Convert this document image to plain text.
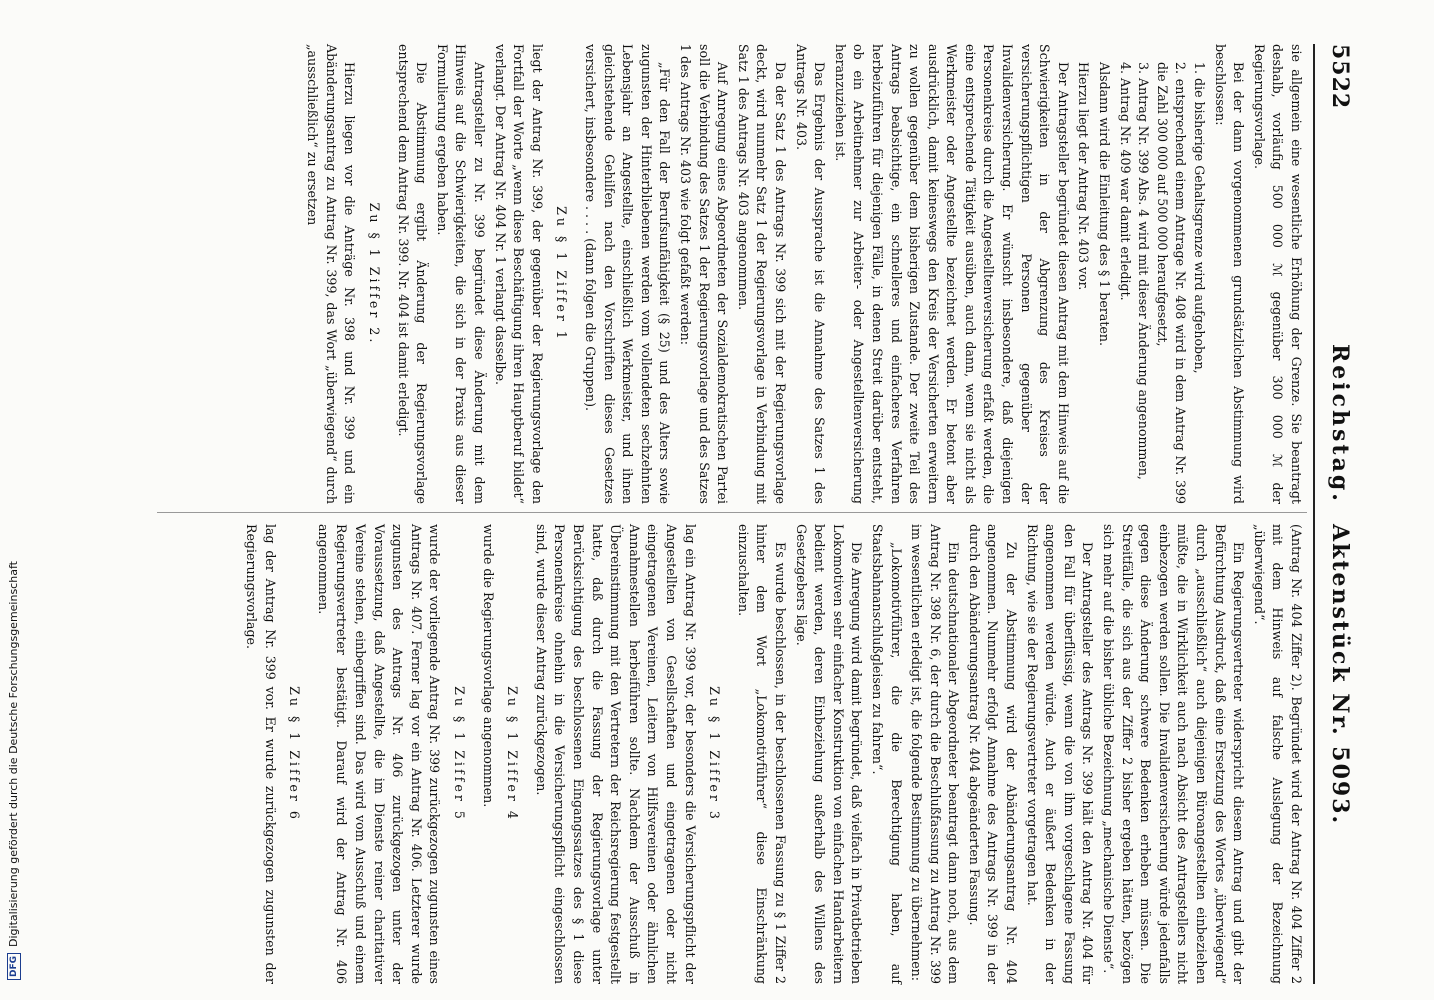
5522
Reichstag.
Aktenstück Nr. 5093.

sie allgemein eine wesentliche Erhöhung der Grenze. Sie beantragt deshalb, vorläufig 500 000 ℳ gegenüber 300 000 ℳ der Regierungsvorlage.

Bei der dann vorgenommenen grundsätzlichen Abstimmung wird beschlossen:

1. die bisherige Gehaltsgrenze wird aufgehoben,
2. entsprechend einem Antrage Nr. 408 wird in dem Antrag Nr. 399 die Zahl 300 000 auf 500 000 heraufgesetzt,
3. Antrag Nr. 399 Abs. 4 wird mit dieser Änderung angenommen,
4. Antrag Nr. 409 war damit erledigt.

Alsdann wird die Einleitung des § 1 beraten.

Hierzu liegt der Antrag Nr. 403 vor.

Der Antragsteller begründet diesen Antrag mit dem Hinweis auf die Schwierigkeiten in der Abgrenzung des Kreises der versicherungspflichtigen Personen gegenüber der Invalidenversicherung. Er wünscht insbesondere, daß diejenigen Personenkreise durch die Angestelltenversicherung erfaßt werden, die eine entsprechende Tätigkeit ausüben, auch dann, wenn sie nicht als Werkmeister oder Angestellte bezeichnet werden. Er betont aber ausdrücklich, damit keineswegs den Kreis der Versicherten erweitern zu wollen gegenüber dem bisherigen Zustande. Der zweite Teil des Antrags beabsichtige, ein schnelleres und einfacheres Verfahren herbeizuführen für diejenigen Fälle, in denen Streit darüber entsteht, ob ein Arbeitnehmer zur Arbeiter- oder Angestelltenversicherung heranzuziehen ist.

Das Ergebnis der Aussprache ist die Annahme des Satzes 1 des Antrags Nr. 403.

Da der Satz 1 des Antrags Nr. 399 sich mit der Regierungsvorlage deckt, wird nunmehr Satz 1 der Regierungsvorlage in Verbindung mit Satz 1 des Antrags Nr. 403 angenommen.

Auf Anregung eines Abgeordneten der Sozialdemokratischen Partei soll die Verbindung des Satzes 1 der Regierungsvorlage und des Satzes 1 des Antrags Nr. 403 wie folgt gefaßt werden:

„Für den Fall der Berufsunfähigkeit (§ 25) und des Alters sowie zugunsten der Hinterbliebenen werden vom vollendeten sechzehnten Lebensjahr an Angestellte, einschließlich Werkmeister, und ihnen gleichstehende Gehilfen nach den Vorschriften dieses Gesetzes versichert, insbesondere . . . . (dann folgen die Gruppen).

Zu § 1 Ziffer 1

liegt der Antrag Nr. 399, der gegenüber der Regierungsvorlage den Fortfall der Worte „wenn diese Beschäftigung ihren Hauptberuf bildet“ verlangt. Der Antrag Nr. 404 Nr. 1 verlangt dasselbe.

Antragsteller zu Nr. 399 begründet diese Änderung mit dem Hinweis auf die Schwierigkeiten, die sich in der Praxis aus dieser Formulierung ergeben haben.

Die Abstimmung ergibt Änderung der Regierungsvorlage entsprechend dem Antrag Nr. 399. Nr. 404 ist damit erledigt.

Zu § 1 Ziffer 2.

Hierzu liegen vor die Anträge Nr. 398 und Nr. 399 und ein Abänderungsantrag zu Antrag Nr. 399, das Wort „überwiegend“ durch „ausschließlich“ zu ersetzen

(Antrag Nr. 404 Ziffer 2). Begründet wird der Antrag Nr. 404 Ziffer 2 mit dem Hinweis auf falsche Auslegung der Bezeichnung „überwiegend“.

Ein Regierungsvertreter widerspricht diesem Antrag und gibt der Befürchtung Ausdruck, daß eine Ersetzung des Wortes „überwiegend“ durch „ausschließlich“ auch diejenigen Büroangestellten einbeziehen müßte, die in Wirklichkeit auch nach Absicht des Antragstellers nicht einbezogen werden sollen. Die Invalidenversicherung würde jedenfalls gegen diese Änderung schwere Bedenken erheben müssen. Die Streitfälle, die sich aus der Ziffer 2 bisher ergeben hätten, bezögen sich mehr auf die bisher übliche Bezeichnung „mechanische Dienste“.

Der Antragsteller des Antrags Nr. 399 hält den Antrag Nr. 404 für den Fall für überflüssig, wenn die von ihm vorgeschlagene Fassung angenommen werden würde. Auch er äußert Bedenken in der Richtung, wie sie der Regierungsvertreter vorgetragen hat.

Zu der Abstimmung wird der Abänderungsantrag Nr. 404 angenommen. Nunmehr erfolgt Annahme des Antrags Nr. 399 in der durch den Abänderungsantrag Nr. 404 abgeänderten Fassung.

Ein deutschnationaler Abgeordneter beantragt dann noch, aus dem Antrag Nr. 398 Nr. 6, der durch die Beschlußfassung zu Antrag Nr. 399 im wesentlichen erledigt ist, die folgende Bestimmung zu übernehmen:

„Lokomotivführer, die die Berechtigung haben, auf Staatsbahnanschlußgleisen zu fahren“.

Die Anregung wird damit begründet, daß vielfach in Privatbetrieben Lokomotiven sehr einfacher Konstruktion von einfachen Handarbeitern bedient werden, deren Einbeziehung außerhalb des Willens des Gesetzgebers läge.

Es wurde beschlossen, in der beschlossenen Fassung zu § 1 Ziffer 2 hinter dem Wort „Lokomotivführer“ diese Einschränkung einzuschalten.

Zu § 1 Ziffer 3

lag ein Antrag Nr. 399 vor, der besonders die Versicherungspflicht der Angestellten von Gesellschaften und eingetragenen oder nicht eingetragenen Vereinen, Leitern von Hilfsvereinen oder ähnlichen Annahmestellen herbeiführen sollte. Nachdem der Ausschuß in Übereinstimmung mit den Vertretern der Reichsregierung festgestellt hatte, daß durch die Fassung der Regierungsvorlage unter Berücksichtigung des beschlossenen Eingangssatzes des § 1 diese Personenkreise ohnehin in die Versicherungspflicht eingeschlossen sind, wurde dieser Antrag zurückgezogen.

Zu § 1 Ziffer 4

wurde die Regierungsvorlage angenommen.

Zu § 1 Ziffer 5

wurde der vorliegende Antrag Nr. 399 zurückgezogen zugunsten eines Antrags Nr. 407. Ferner lag vor ein Antrag Nr. 406. Letzterer wurde zugunsten des Antrags Nr. 406 zurückgezogen unter der Voraussetzung, daß Angestellte, die im Dienste reiner charitativer Vereine stehen, einbegriffen sind. Das wird vom Ausschuß und einem Regierungsvertreter bestätigt. Darauf wird der Antrag Nr. 406 angenommen.

Zu § 1 Ziffer 6

lag der Antrag Nr. 399 vor. Er wurde zurückgezogen zugunsten der Regierungsvorlage.

DFG
Digitalisierung gefördert durch die Deutsche Forschungsgemeinschaft
